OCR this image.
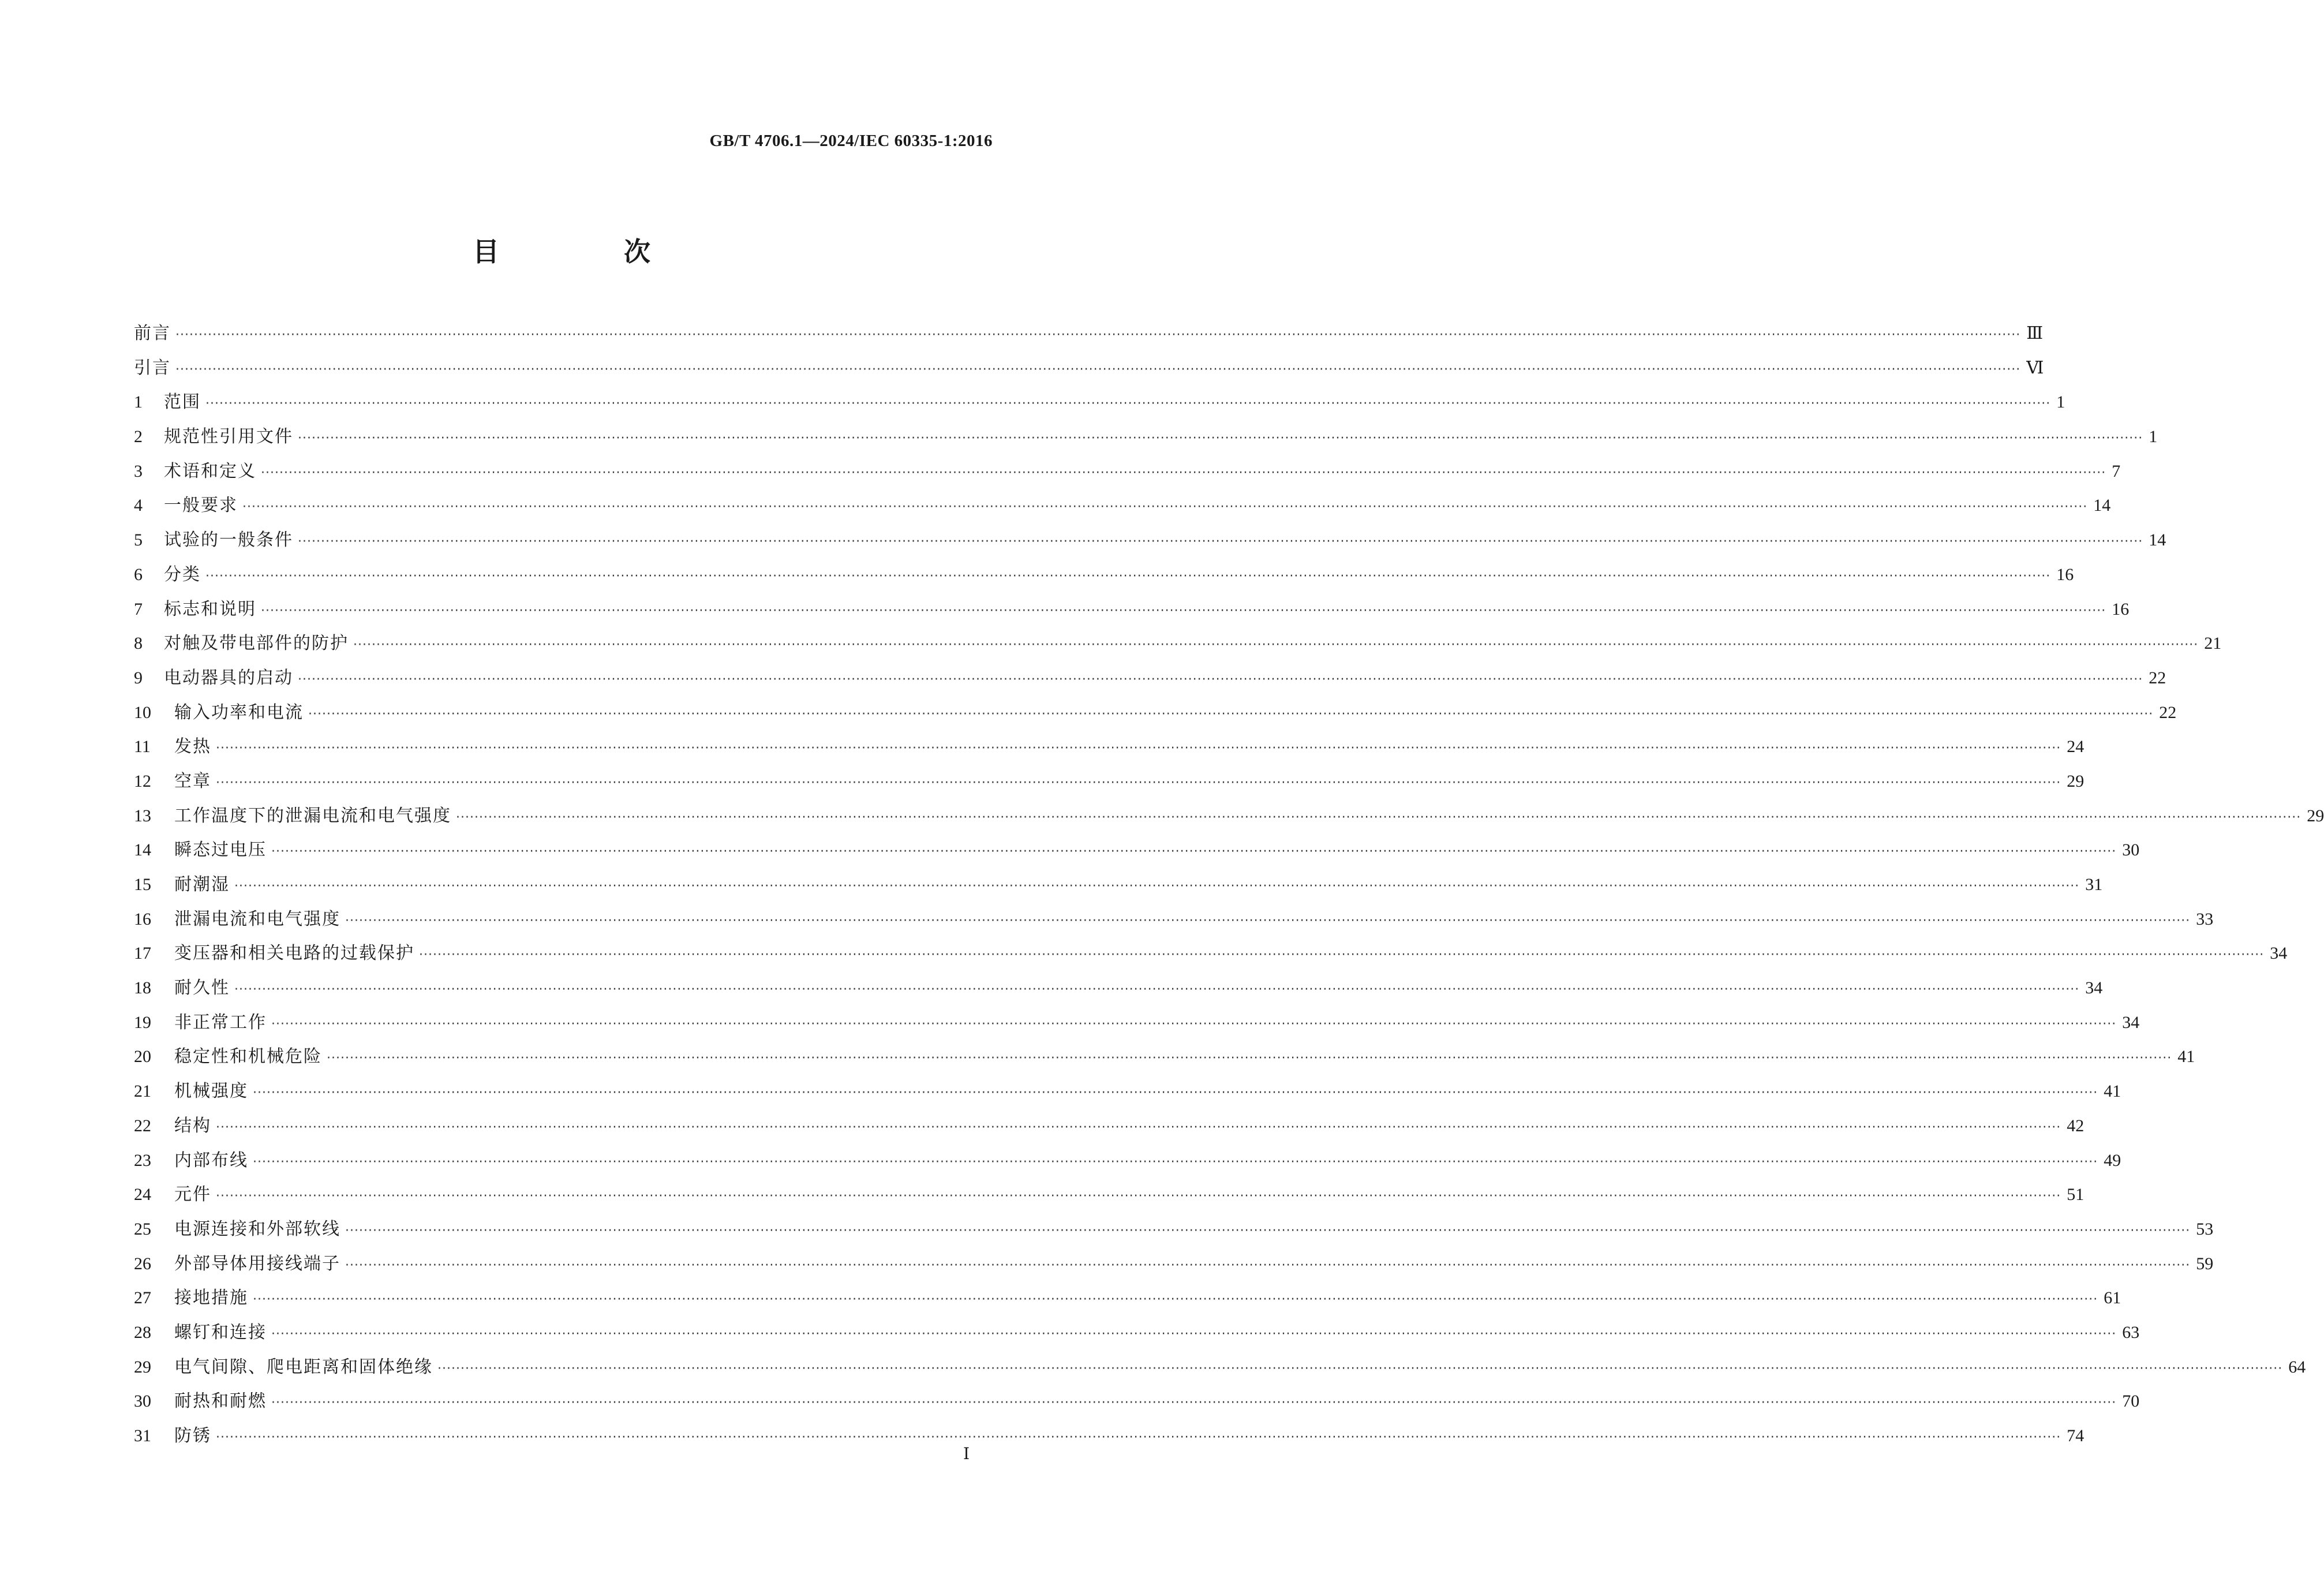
GB/T 4706.1—2024/IEC 60335-1:2016
目 次
前言 ················································································································································································································································································································································································································ Ⅲ
引言 ················································································································································································································································································································································································································ Ⅵ
1	范围 ················································································································································································································································································································································································································ 1
2	规范性引用文件 ················································································································································································································································································································································································································ 1
3	术语和定义 ················································································································································································································································································································································································································ 7
4	一般要求 ················································································································································································································································································································································································································ 14
5	试验的一般条件 ················································································································································································································································································································································································································ 14
6	分类 ················································································································································································································································································································································································································ 16
7	标志和说明 ················································································································································································································································································································································································································ 16
8	对触及带电部件的防护 ················································································································································································································································································································································································································ 21
9	电动器具的启动 ················································································································································································································································································································································································································ 22
10	输入功率和电流 ················································································································································································································································································································································································································ 22
11	发热 ················································································································································································································································································································································································································ 24
12	空章 ················································································································································································································································································································································································································ 29
13	工作温度下的泄漏电流和电气强度 ················································································································································································································································································································································································································ 29
14	瞬态过电压 ················································································································································································································································································································································································································ 30
15	耐潮湿 ················································································································································································································································································································································································································ 31
16	泄漏电流和电气强度 ················································································································································································································································································································································································································ 33
17	变压器和相关电路的过载保护 ················································································································································································································································································································································································································ 34
18	耐久性 ················································································································································································································································································································································································································ 34
19	非正常工作 ················································································································································································································································································································································································································ 34
20	稳定性和机械危险 ················································································································································································································································································································································································································ 41
21	机械强度 ················································································································································································································································································································································································································ 41
22	结构 ················································································································································································································································································································································································································ 42
23	内部布线 ················································································································································································································································································································································································································ 49
24	元件 ················································································································································································································································································································································································································ 51
25	电源连接和外部软线 ················································································································································································································································································································································································································ 53
26	外部导体用接线端子 ················································································································································································································································································································································································································ 59
27	接地措施 ················································································································································································································································································································································································································ 61
28	螺钉和连接 ················································································································································································································································································································································································································ 63
29	电气间隙、爬电距离和固体绝缘 ················································································································································································································································································································································································································ 64
30	耐热和耐燃 ················································································································································································································································································································································································································ 70
31	防锈 ················································································································································································································································································································································································································ 74
Ⅰ
